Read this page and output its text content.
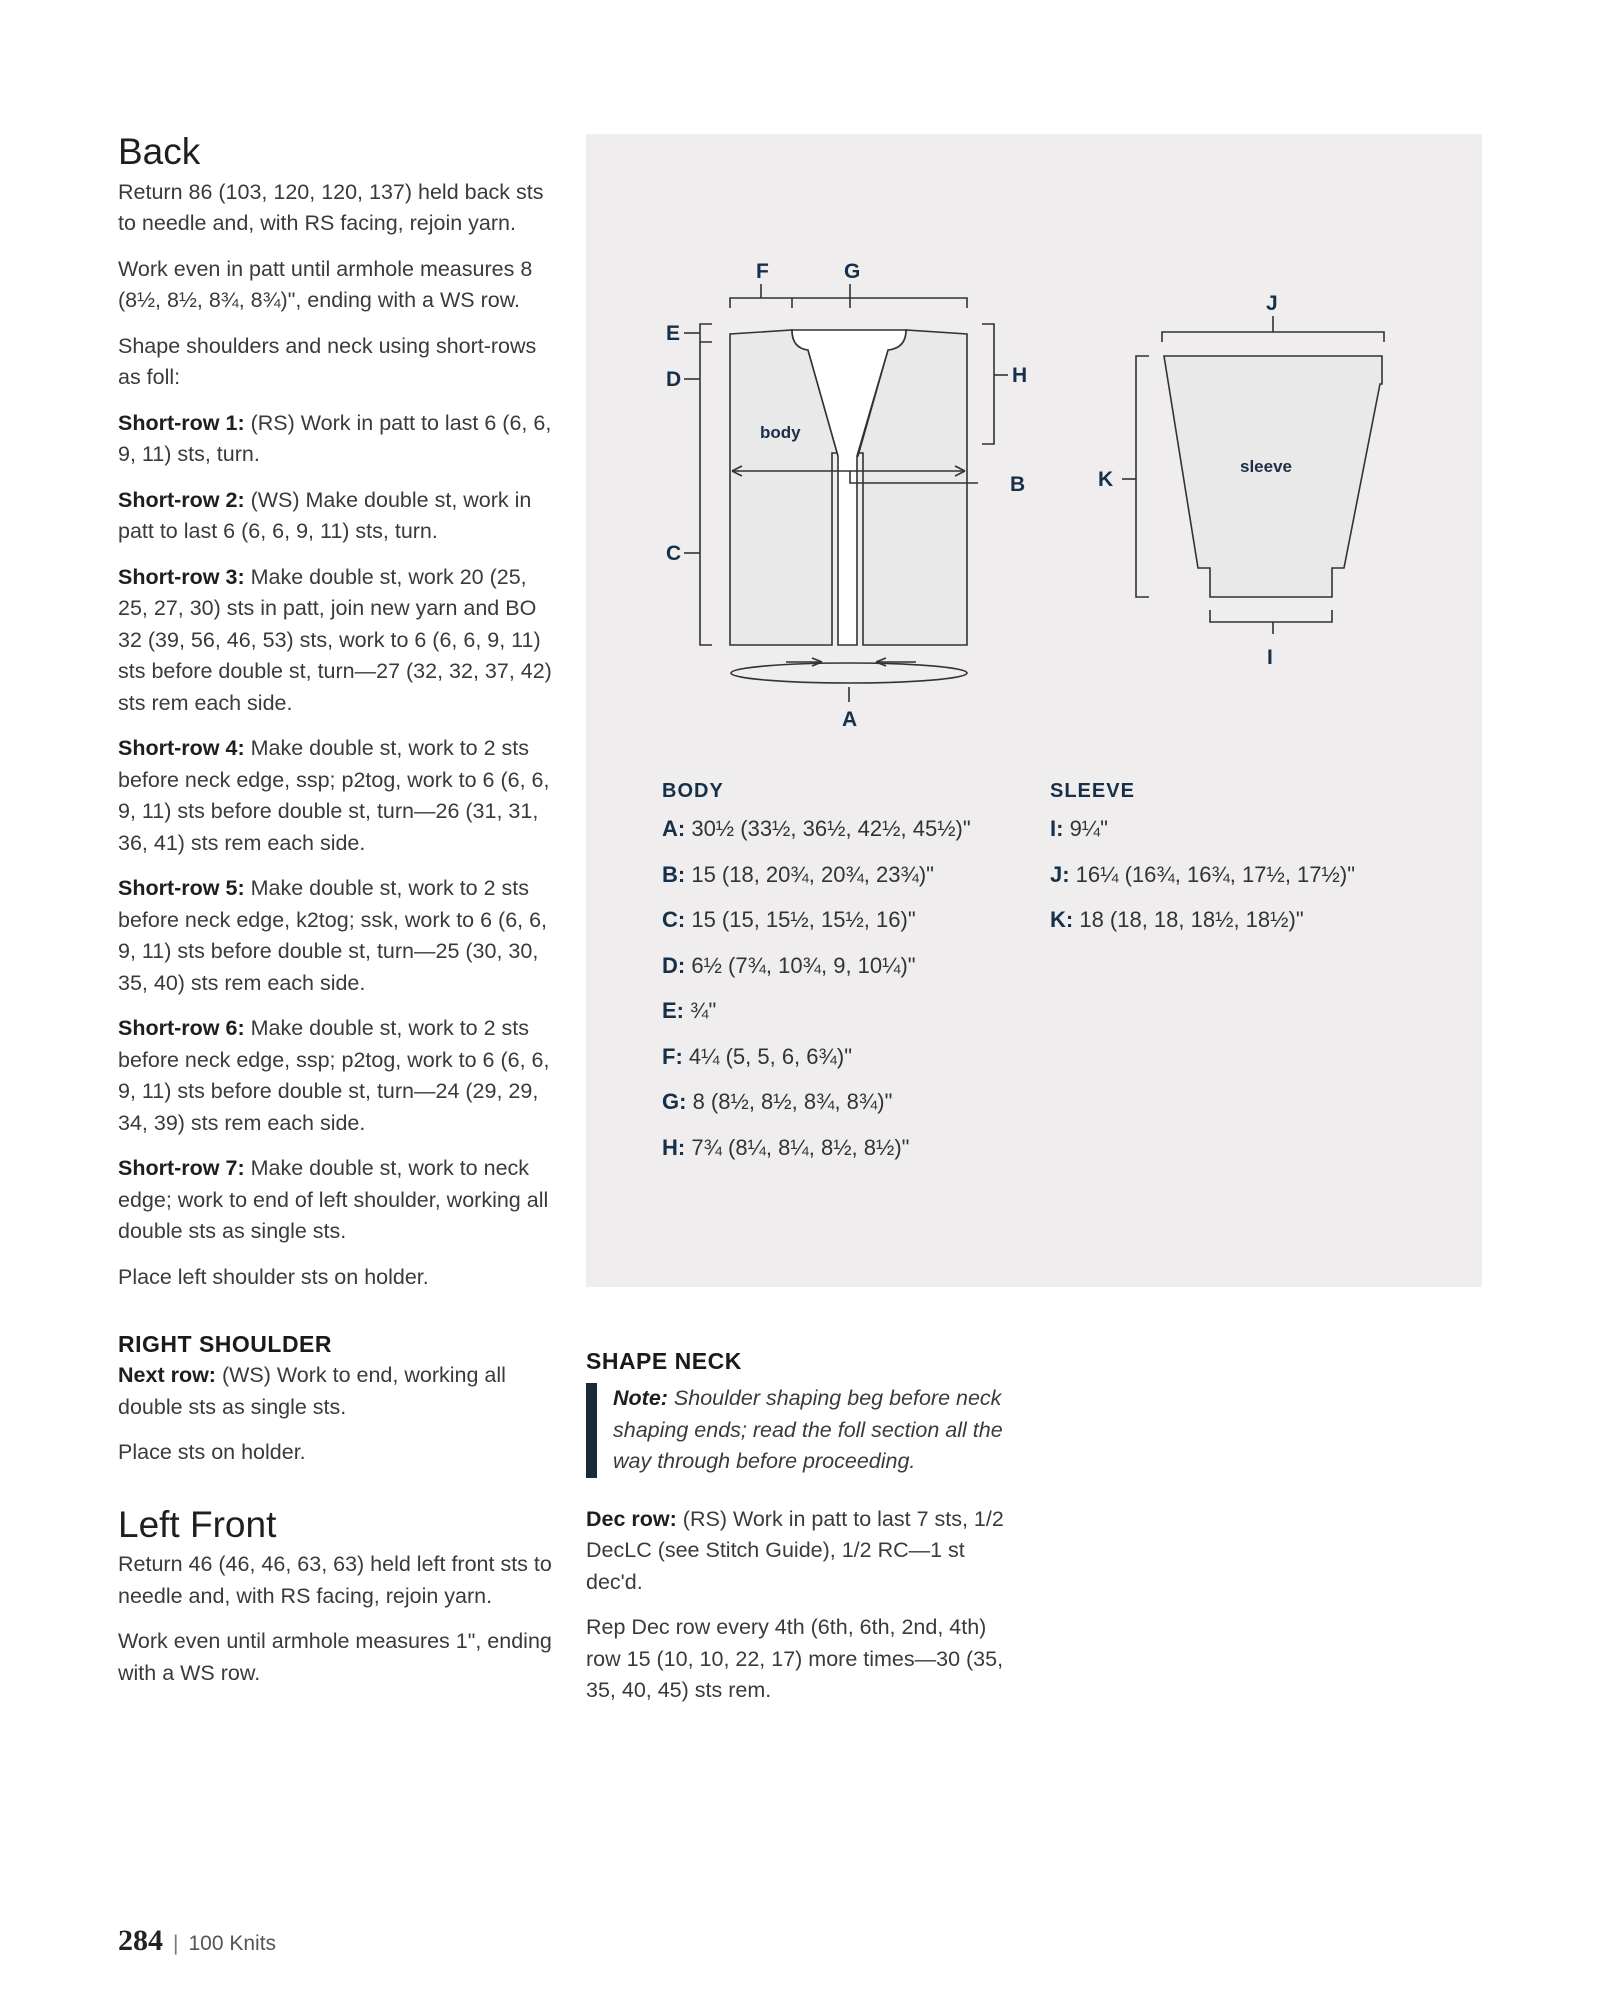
Back

Return 86 (103, 120, 120, 137) held back sts to needle and, with RS facing, rejoin yarn.

Work even in patt until armhole measures 8 (8½, 8½, 8¾, 8¾)", ending with a WS row.

Shape shoulders and neck using short-rows as foll:

Short-row 1: (RS) Work in patt to last 6 (6, 6, 9, 11) sts, turn.

Short-row 2: (WS) Make double st, work in patt to last 6 (6, 6, 9, 11) sts, turn.

Short-row 3: Make double st, work 20 (25, 25, 27, 30) sts in patt, join new yarn and BO 32 (39, 56, 46, 53) sts, work to 6 (6, 6, 9, 11) sts before double st, turn—27 (32, 32, 37, 42) sts rem each side.

Short-row 4: Make double st, work to 2 sts before neck edge, ssp; p2tog, work to 6 (6, 6, 9, 11) sts before double st, turn—26 (31, 31, 36, 41) sts rem each side.

Short-row 5: Make double st, work to 2 sts before neck edge, k2tog; ssk, work to 6 (6, 6, 9, 11) sts before double st, turn—25 (30, 30, 35, 40) sts rem each side.

Short-row 6: Make double st, work to 2 sts before neck edge, ssp; p2tog, work to 6 (6, 6, 9, 11) sts before double st, turn—24 (29, 29, 34, 39) sts rem each side.

Short-row 7: Make double st, work to neck edge; work to end of left shoulder, working all double sts as single sts.

Place left shoulder sts on holder.

RIGHT SHOULDER

Next row: (WS) Work to end, working all double sts as single sts.

Place sts on holder.

Left Front

Return 46 (46, 46, 63, 63) held left front sts to needle and, with RS facing, rejoin yarn.

Work even until armhole measures 1", ending with a WS row.

F	G
E
D
C
H
B
A
J
K
I
body
sleeve
BODY
A: 30½ (33½, 36½, 42½, 45½)"
B: 15 (18, 20¾, 20¾, 23¾)"
C: 15 (15, 15½, 15½, 16)"
D: 6½ (7¾, 10¾, 9, 10¼)"
E: ¾"
F: 4¼ (5, 5, 6, 6¾)"
G: 8 (8½, 8½, 8¾, 8¾)"
H: 7¾ (8¼, 8¼, 8½, 8½)"
SLEEVE
I: 9¼"
J: 16¼ (16¾, 16¾, 17½, 17½)"
K: 18 (18, 18, 18½, 18½)"
SHAPE NECK

Note: Shoulder shaping beg before neck shaping ends; read the foll section all the way through before proceeding.

Dec row: (RS) Work in patt to last 7 sts, 1/2 DecLC (see Stitch Guide), 1/2 RC—1 st dec'd.

Rep Dec row every 4th (6th, 6th, 2nd, 4th) row 15 (10, 10, 22, 17) more times—30 (35, 35, 40, 45) sts rem.

284 | 100 Knits
